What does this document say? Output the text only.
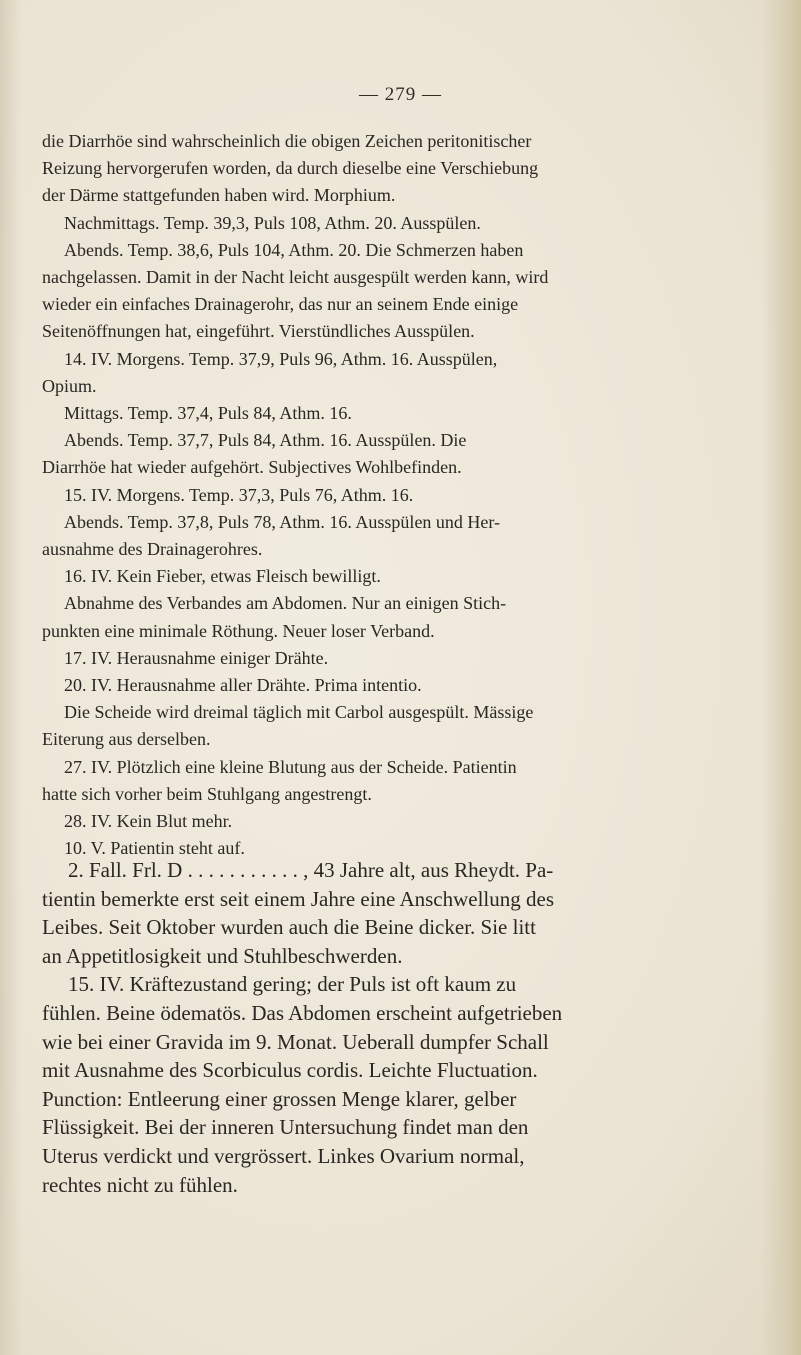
— 279 —
die Diarrhöe sind wahrscheinlich die obigen Zeichen peritonitischer
Reizung hervorgerufen worden, da durch dieselbe eine Verschiebung
der Därme stattgefunden haben wird. Morphium.
Nachmittags. Temp. 39,3, Puls 108, Athm. 20. Ausspülen.
Abends. Temp. 38,6, Puls 104, Athm. 20. Die Schmerzen haben
nachgelassen. Damit in der Nacht leicht ausgespült werden kann, wird
wieder ein einfaches Drainagerohr, das nur an seinem Ende einige
Seitenöffnungen hat, eingeführt. Vierstündliches Ausspülen.
14. IV. Morgens. Temp. 37,9, Puls 96, Athm. 16. Ausspülen,
Opium.
Mittags. Temp. 37,4, Puls 84, Athm. 16.
Abends. Temp. 37,7, Puls 84, Athm. 16. Ausspülen. Die
Diarrhöe hat wieder aufgehört. Subjectives Wohlbefinden.
15. IV. Morgens. Temp. 37,3, Puls 76, Athm. 16.
Abends. Temp. 37,8, Puls 78, Athm. 16. Ausspülen und Her-
ausnahme des Drainagerohres.
16. IV. Kein Fieber, etwas Fleisch bewilligt.
Abnahme des Verbandes am Abdomen. Nur an einigen Stich-
punkten eine minimale Röthung. Neuer loser Verband.
17. IV. Herausnahme einiger Drähte.
20. IV. Herausnahme aller Drähte. Prima intentio.
Die Scheide wird dreimal täglich mit Carbol ausgespült. Mässige
Eiterung aus derselben.
27. IV. Plötzlich eine kleine Blutung aus der Scheide. Patientin
hatte sich vorher beim Stuhlgang angestrengt.
28. IV. Kein Blut mehr.
10. V. Patientin steht auf.
2. Fall. Frl. D . . . . . . . . . . . , 43 Jahre alt, aus Rheydt. Pa-
tientin bemerkte erst seit einem Jahre eine Anschwellung des
Leibes. Seit Oktober wurden auch die Beine dicker. Sie litt
an Appetitlosigkeit und Stuhlbeschwerden.
15. IV. Kräftezustand gering; der Puls ist oft kaum zu
fühlen. Beine ödematös. Das Abdomen erscheint aufgetrieben
wie bei einer Gravida im 9. Monat. Ueberall dumpfer Schall
mit Ausnahme des Scorbiculus cordis. Leichte Fluctuation.
Punction: Entleerung einer grossen Menge klarer, gelber
Flüssigkeit. Bei der inneren Untersuchung findet man den
Uterus verdickt und vergrössert. Linkes Ovarium normal,
rechtes nicht zu fühlen.
